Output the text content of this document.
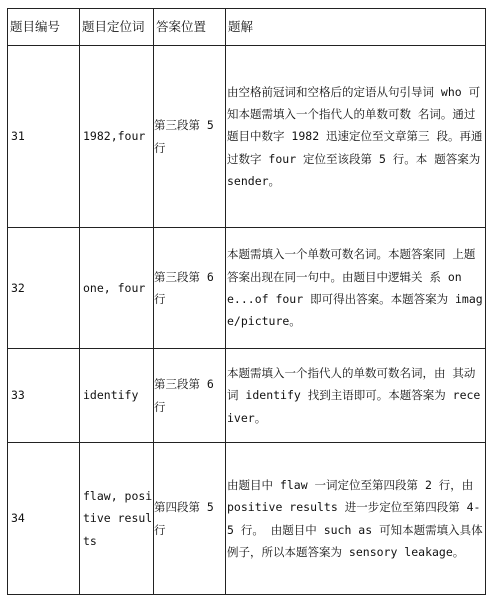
题目编号	题目定位词	答案位置	题解
31	1982,four	第三段第 5 行	由空格前冠词和空格后的定语从句引导词 who 可知本题需填入一个指代人的单数可数 名词。通过题目中数字 1982 迅速定位至文章第三 段。再通过数字 four 定位至该段第 5 行。本 题答案为 sender。
32	one, four	第三段第 6 行	本题需填入一个单数可数名词。本题答案同 上题答案出现在同一句中。由题目中逻辑关 系 one...of four 即可得出答案。本题答案为 image/picture。
33	identify	第三段第 6 行	本题需填入一个指代人的单数可数名词，由 其动词 identify 找到主语即可。本题答案为 receiver。
34	flaw, positive results	第四段第 5 行	由题目中 flaw 一词定位至第四段第 2 行，由 positive results 进一步定位至第四段第 4-5 行。 由题目中 such as 可知本题需填入具体例子，所以本题答案为 sensory leakage。
